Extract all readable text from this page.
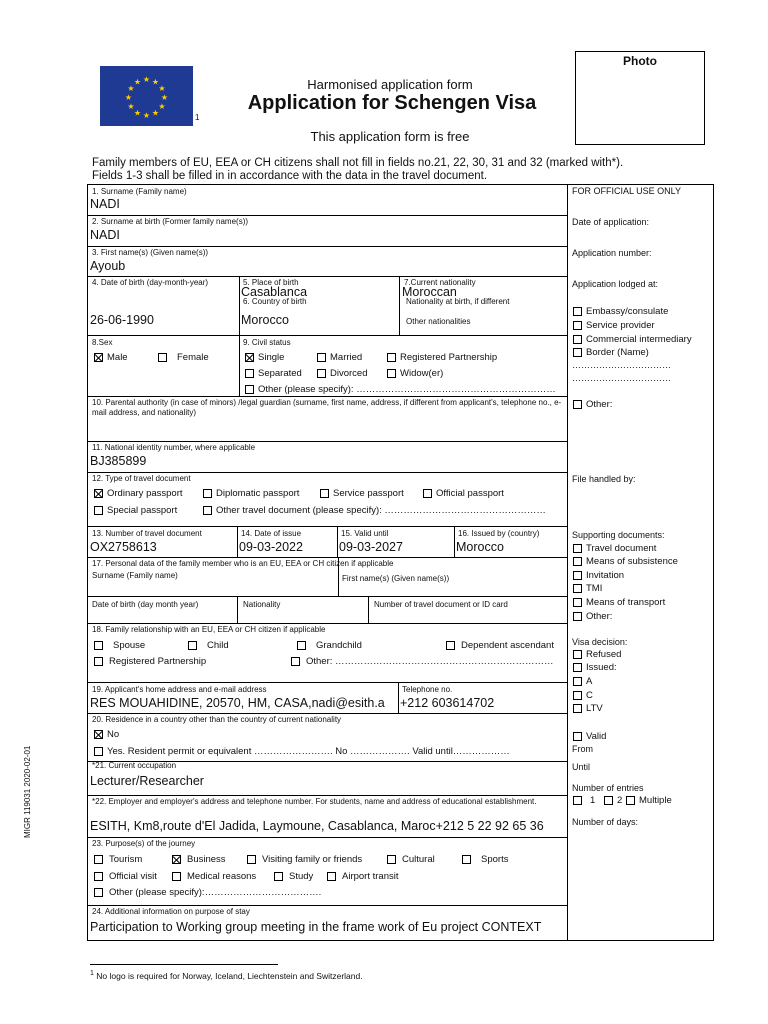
★ ★
★
★
★
★
★
★
★
★
★
★
1
Harmonised application form
Application for Schengen Visa
This application form is free
Photo
Family members of EU, EEA or CH citizens shall not fill in fields no.21, 22, 30, 31 and 32 (marked with*).
Fields 1-3 shall be filled in in accordance with the data in the travel document.
1. Surname (Family name)
NADI
2. Surname at birth (Former family name(s))
NADI
3. First name(s) (Given name(s))
Ayoub
4. Date of birth (day-month-year)
26-06-1990
5. Place of birth
Casablanca
6. Country of birth
Morocco
7.Current nationality
Moroccan
Nationality at birth, if different
Other nationalities
8.Sex
Male	Female
9. Civil status
Single	Married	Registered Partnership
Separated	Divorced	Widow(er)
Other (please specify): ………………………………………………………
10. Parental authority (in case of minors) /legal guardian (surname, first name, address, if different from applicant's, telephone no., e-mail address, and nationality)
11. National identity number, where applicable
BJ385899
12. Type of travel document
Ordinary passport	Diplomatic passport	Service passport	Official passport
Special passport	Other travel document (please specify): ……………………………………………
13. Number of travel document
OX2758613
14. Date of issue
09-03-2022
15. Valid until
09-03-2027
16. Issued by (country)
Morocco
17. Personal data of the family member who is an EU, EEA or CH citizen if applicable
Surname (Family name)	First name(s) (Given name(s))
Date of birth (day month year)	Nationality	Number of travel document or ID card
18. Family relationship with an EU, EEA or CH citizen if applicable
Spouse	Child	Grandchild	Dependent ascendant
Registered Partnership	Other: ……………………………………………………………
19. Applicant's home address and e-mail address
RES MOUAHIDINE, 20570, HM, CASA,nadi@esith.a
Telephone no.
+212 603614702
20. Residence in a country other than the country of current nationality
No
Yes. Resident permit or equivalent ……………………. No ………………. Valid until………………
*21. Current occupation
Lecturer/Researcher
*22. Employer and employer's address and telephone number. For students, name and address of educational establishment.
ESITH, Km8,route d'El Jadida, Laymoune, Casablanca, Maroc+212 5 22 92 65 36
23. Purpose(s) of the journey
Tourism	Business	Visiting family or friends	Cultural	Sports
Official visit	Medical reasons	Study	Airport transit
Other (please specify):……………………………….
24. Additional information on purpose of stay
Participation to Working group meeting in the frame work of Eu project CONTEXT
FOR OFFICIAL USE ONLY
Date of application:
Application number:
Application lodged at:
Embassy/consulate
Service provider
Commercial intermediary
Border (Name)
……………………………
……………………………
Other:
File handled by:
Supporting documents:
Travel document
Means of subsistence
Invitation
TMI
Means of transport
Other:
Visa decision:
Refused
Issued:
A
C
LTV
Valid
From
Until
Number of entries
1 2 Multiple
Number of days:
MIGR 119031 2020-02-01
$^1$ No logo is required for Norway, Iceland, Liechtenstein and Switzerland.
